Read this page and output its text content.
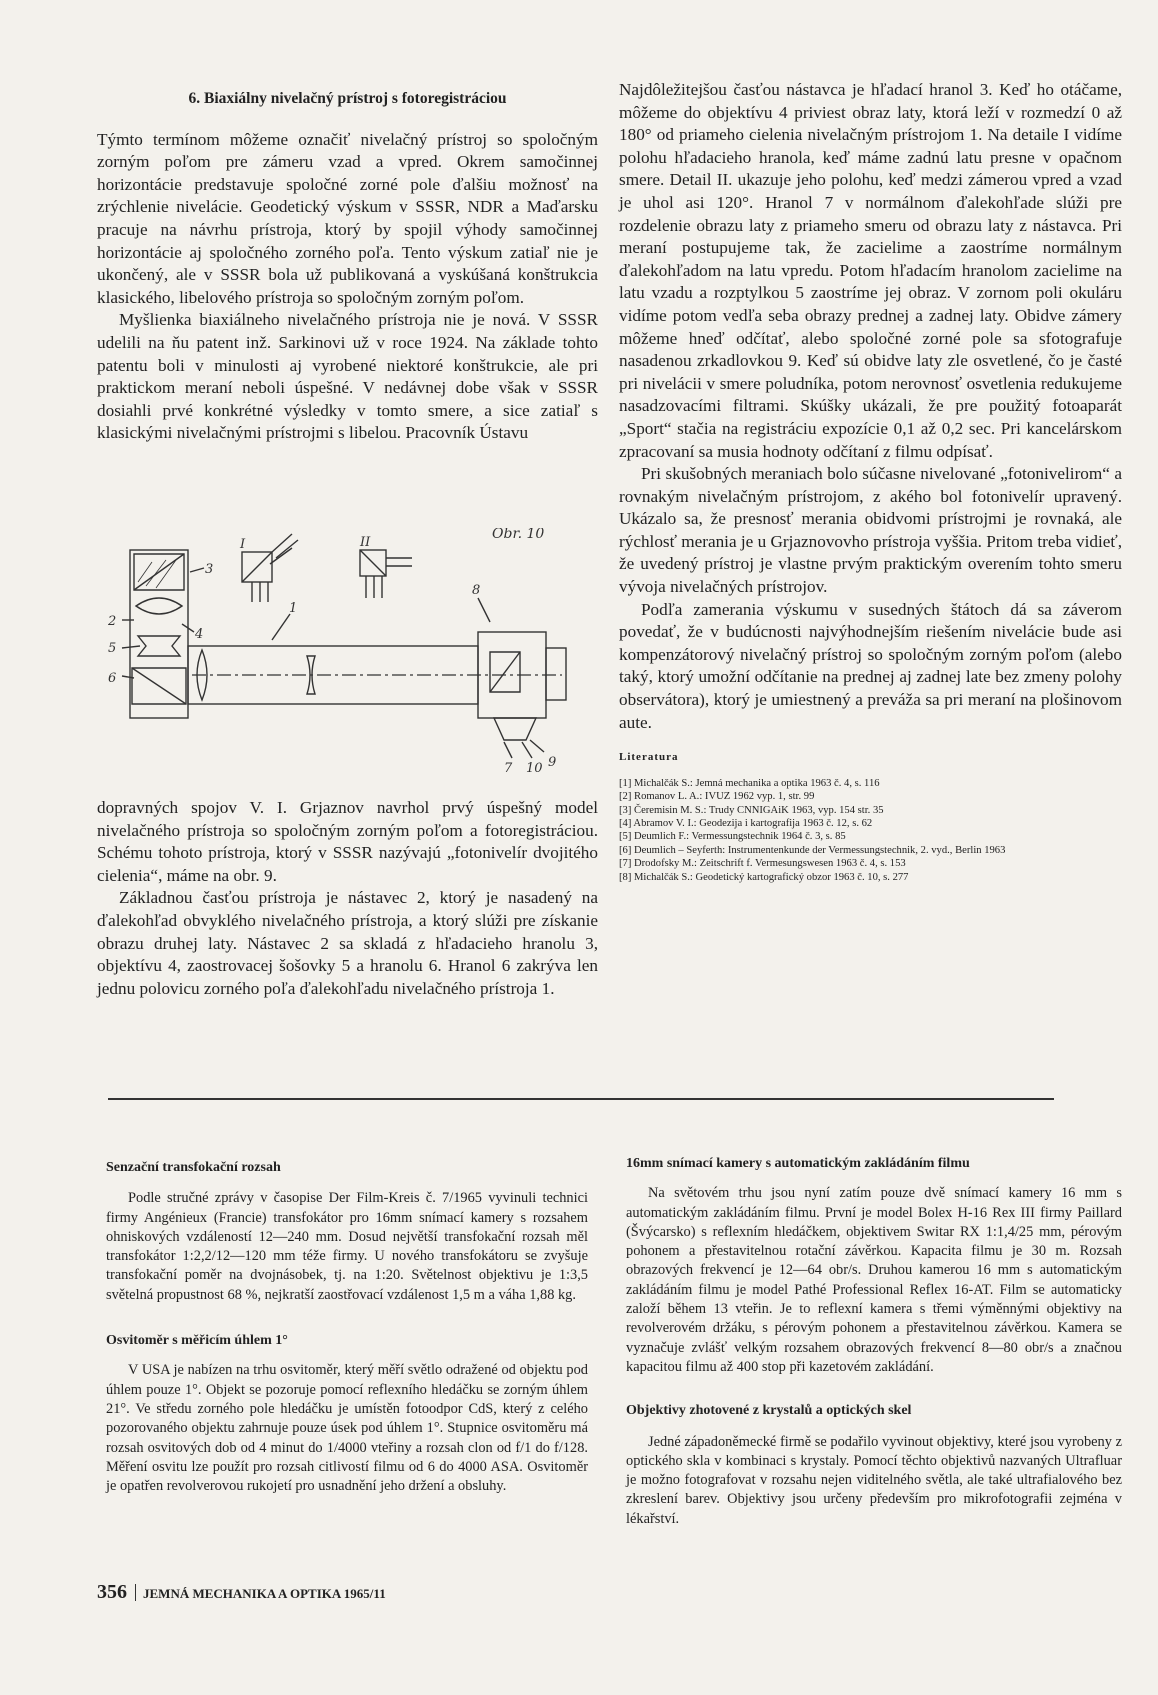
6. Biaxiálny nivelačný prístroj s fotoregistráciou

Týmto termínom môžeme označiť nivelačný prístroj so spoločným zorným poľom pre zámeru vzad a vpred. Okrem samočinnej horizontácie predstavuje spoločné zorné pole ďalšiu možnosť na zrýchlenie nivelácie. Geodetický výskum v SSSR, NDR a Maďarsku pracuje na návrhu prístroja, ktorý by spojil výhody samočinnej horizontácie aj spoločného zorného poľa. Tento výskum zatiaľ nie je ukončený, ale v SSSR bola už publikovaná a vyskúšaná konštrukcia klasického, libelového prístroja so spoločným zorným poľom.

Myšlienka biaxiálneho nivelačného prístroja nie je nová. V SSSR udelili na ňu patent inž. Sarkinovi už v roce 1924. Na základe tohto patentu boli v minulosti aj vyrobené niektoré konštrukcie, ale pri praktickom meraní neboli úspešné. V nedávnej dobe však v SSSR dosiahli prvé konkrétné výsledky v tomto smere, a sice zatiaľ s klasickými nivelačnými prístrojmi s libelou. Pracovník Ústavu

I	II
Obr. 10
1
2
3
4
5
6
7
8
9
10

dopravných spojov V. I. Grjaznov navrhol prvý úspešný model nivelačného prístroja so spoločným zorným poľom a fotoregistráciou. Schému tohoto prístroja, ktorý v SSSR nazývajú „fotonivelír dvojitého cielenia“, máme na obr. 9.

Základnou časťou prístroja je nástavec 2, ktorý je nasadený na ďalekohľad obvyklého nivelačného prístroja, a ktorý slúži pre získanie obrazu druhej laty. Nástavec 2 sa skladá z hľadacieho hranolu 3, objektívu 4, zaostrovacej šošovky 5 a hranolu 6. Hranol 6 zakrýva len jednu polovicu zorného poľa ďalekohľadu nivelačného prístroja 1.

Najdôležitejšou časťou nástavca je hľadací hranol 3. Keď ho otáčame, môžeme do objektívu 4 priviest obraz laty, ktorá leží v rozmedzí 0 až 180° od priameho cielenia nivelačným prístrojom 1. Na detaile I vidíme polohu hľadacieho hranola, keď máme zadnú latu presne v opačnom smere. Detail II. ukazuje jeho polohu, keď medzi zámerou vpred a vzad je uhol asi 120°. Hranol 7 v normálnom ďalekohľade slúži pre rozdelenie obrazu laty z priameho smeru od obrazu laty z nástavca. Pri meraní postupujeme tak, že zacielime a zaostríme normálnym ďalekohľadom na latu vpredu. Potom hľadacím hranolom zacielime na latu vzadu a rozptylkou 5 zaostríme jej obraz. V zornom poli okuláru vidíme potom vedľa seba obrazy prednej a zadnej laty. Obidve zámery môžeme hneď odčítať, alebo spoločné zorné pole sa sfotografuje nasadenou zrkadlovkou 9. Keď sú obidve laty zle osvetlené, čo je časté pri nivelácii v smere poludníka, potom nerovnosť osvetlenia redukujeme nasadzovacími filtrami. Skúšky ukázali, že pre použitý fotoaparát „Sport“ stačia na registráciu expozície 0,1 až 0,2 sec. Pri kancelárskom zpracovaní sa musia hodnoty odčítaní z filmu odpísať.

Pri skušobných meraniach bolo súčasne nivelované „fotonivelirom“ a rovnakým nivelačným prístrojom, z akého bol fotonivelír upravený. Ukázalo sa, že presnosť merania obidvomi prístrojmi je rovnaká, ale rýchlosť merania je u Grjaznovovho prístroja vyššia. Pritom treba vidieť, že uvedený prístroj je vlastne prvým praktickým overením tohto smeru vývoja nivelačných prístrojov.

Podľa zamerania výskumu v susedných štátoch dá sa záverom povedať, že v budúcnosti najvýhodnejším riešením nivelácie bude asi kompenzátorový nivelačný prístroj so spoločným zorným poľom (alebo taký, ktorý umožní odčítanie na prednej aj zadnej late bez zmeny polohy observátora), ktorý je umiestnený a preváža sa pri meraní na plošinovom aute.

Literatura
[1] Michalčák S.: Jemná mechanika a optika 1963 č. 4, s. 116
[2] Romanov L. A.: IVUZ 1962 vyp. 1, str. 99
[3] Čeremisin M. S.: Trudy CNNIGAiK 1963, vyp. 154 str. 35
[4] Abramov V. I.: Geodezija i kartografija 1963 č. 12, s. 62
[5] Deumlich F.: Vermessungstechnik 1964 č. 3, s. 85
[6] Deumlich – Seyferth: Instrumentenkunde der Vermessungstechnik, 2. vyd., Berlin 1963
[7] Drodofsky M.: Zeitschrift f. Vermesungswesen 1963 č. 4, s. 153
[8] Michalčák S.: Geodetický kartografický obzor 1963 č. 10, s. 277
Senzační transfokační rozsah

Podle stručné zprávy v časopise Der Film-Kreis č. 7/1965 vyvinuli technici firmy Angénieux (Francie) transfokátor pro 16mm snímací kamery s rozsahem ohniskových vzdáleností 12—240 mm. Dosud největší transfokační rozsah měl transfokátor 1:2,2/12—120 mm téže firmy. U nového transfokátoru se zvyšuje transfokační poměr na dvojnásobek, tj. na 1:20. Světelnost objektivu je 1:3,5 světelná propustnost 68 %, nejkratší zaostřovací vzdálenost 1,5 m a váha 1,88 kg.

Osvitoměr s měřicím úhlem 1°

V USA je nabízen na trhu osvitoměr, který měří světlo odražené od objektu pod úhlem pouze 1°. Objekt se pozoruje pomocí reflexního hledáčku se zorným úhlem 21°. Ve středu zorného pole hledáčku je umístěn fotoodpor CdS, který z celého pozorovaného objektu zahrnuje pouze úsek pod úhlem 1°. Stupnice osvitoměru má rozsah osvitových dob od 4 minut do 1/4000 vteřiny a rozsah clon od f/1 do f/128. Měření osvitu lze použít pro rozsah citlivostí filmu od 6 do 4000 ASA. Osvitoměr je opatřen revolverovou rukojetí pro usnadnění jeho držení a obsluhy.

16mm snímací kamery s automatickým zakládáním filmu

Na světovém trhu jsou nyní zatím pouze dvě snímací kamery 16 mm s automatickým zakládáním filmu. První je model Bolex H-16 Rex III firmy Paillard (Švýcarsko) s reflexním hledáčkem, objektivem Switar RX 1:1,4/25 mm, pérovým pohonem a přestavitelnou rotační závěrkou. Kapacita filmu je 30 m. Rozsah obrazových frekvencí je 12—64 obr/s. Druhou kamerou 16 mm s automatickým zakládáním filmu je model Pathé Professional Reflex 16-AT. Film se automaticky založí během 13 vteřin. Je to reflexní kamera s třemi výměnnými objektivy na revolverovém držáku, s pérovým pohonem a přestavitelnou závěrkou. Kamera se vyznačuje zvlášť velkým rozsahem obrazových frekvencí 8—80 obr/s a značnou kapacitou filmu až 400 stop při kazetovém zakládání.

Objektivy zhotovené z krystalů a optických skel

Jedné západoněmecké firmě se podařilo vyvinout objektivy, které jsou vyrobeny z optického skla v kombinaci s krystaly. Pomocí těchto objektivů nazvaných Ultrafluar je možno fotografovat v rozsahu nejen viditelného světla, ale také ultrafialového bez zkreslení barev. Objektivy jsou určeny především pro mikrofotografii zejména v lékařství.

356 JEMNÁ MECHANIKA A OPTIKA 1965/11
